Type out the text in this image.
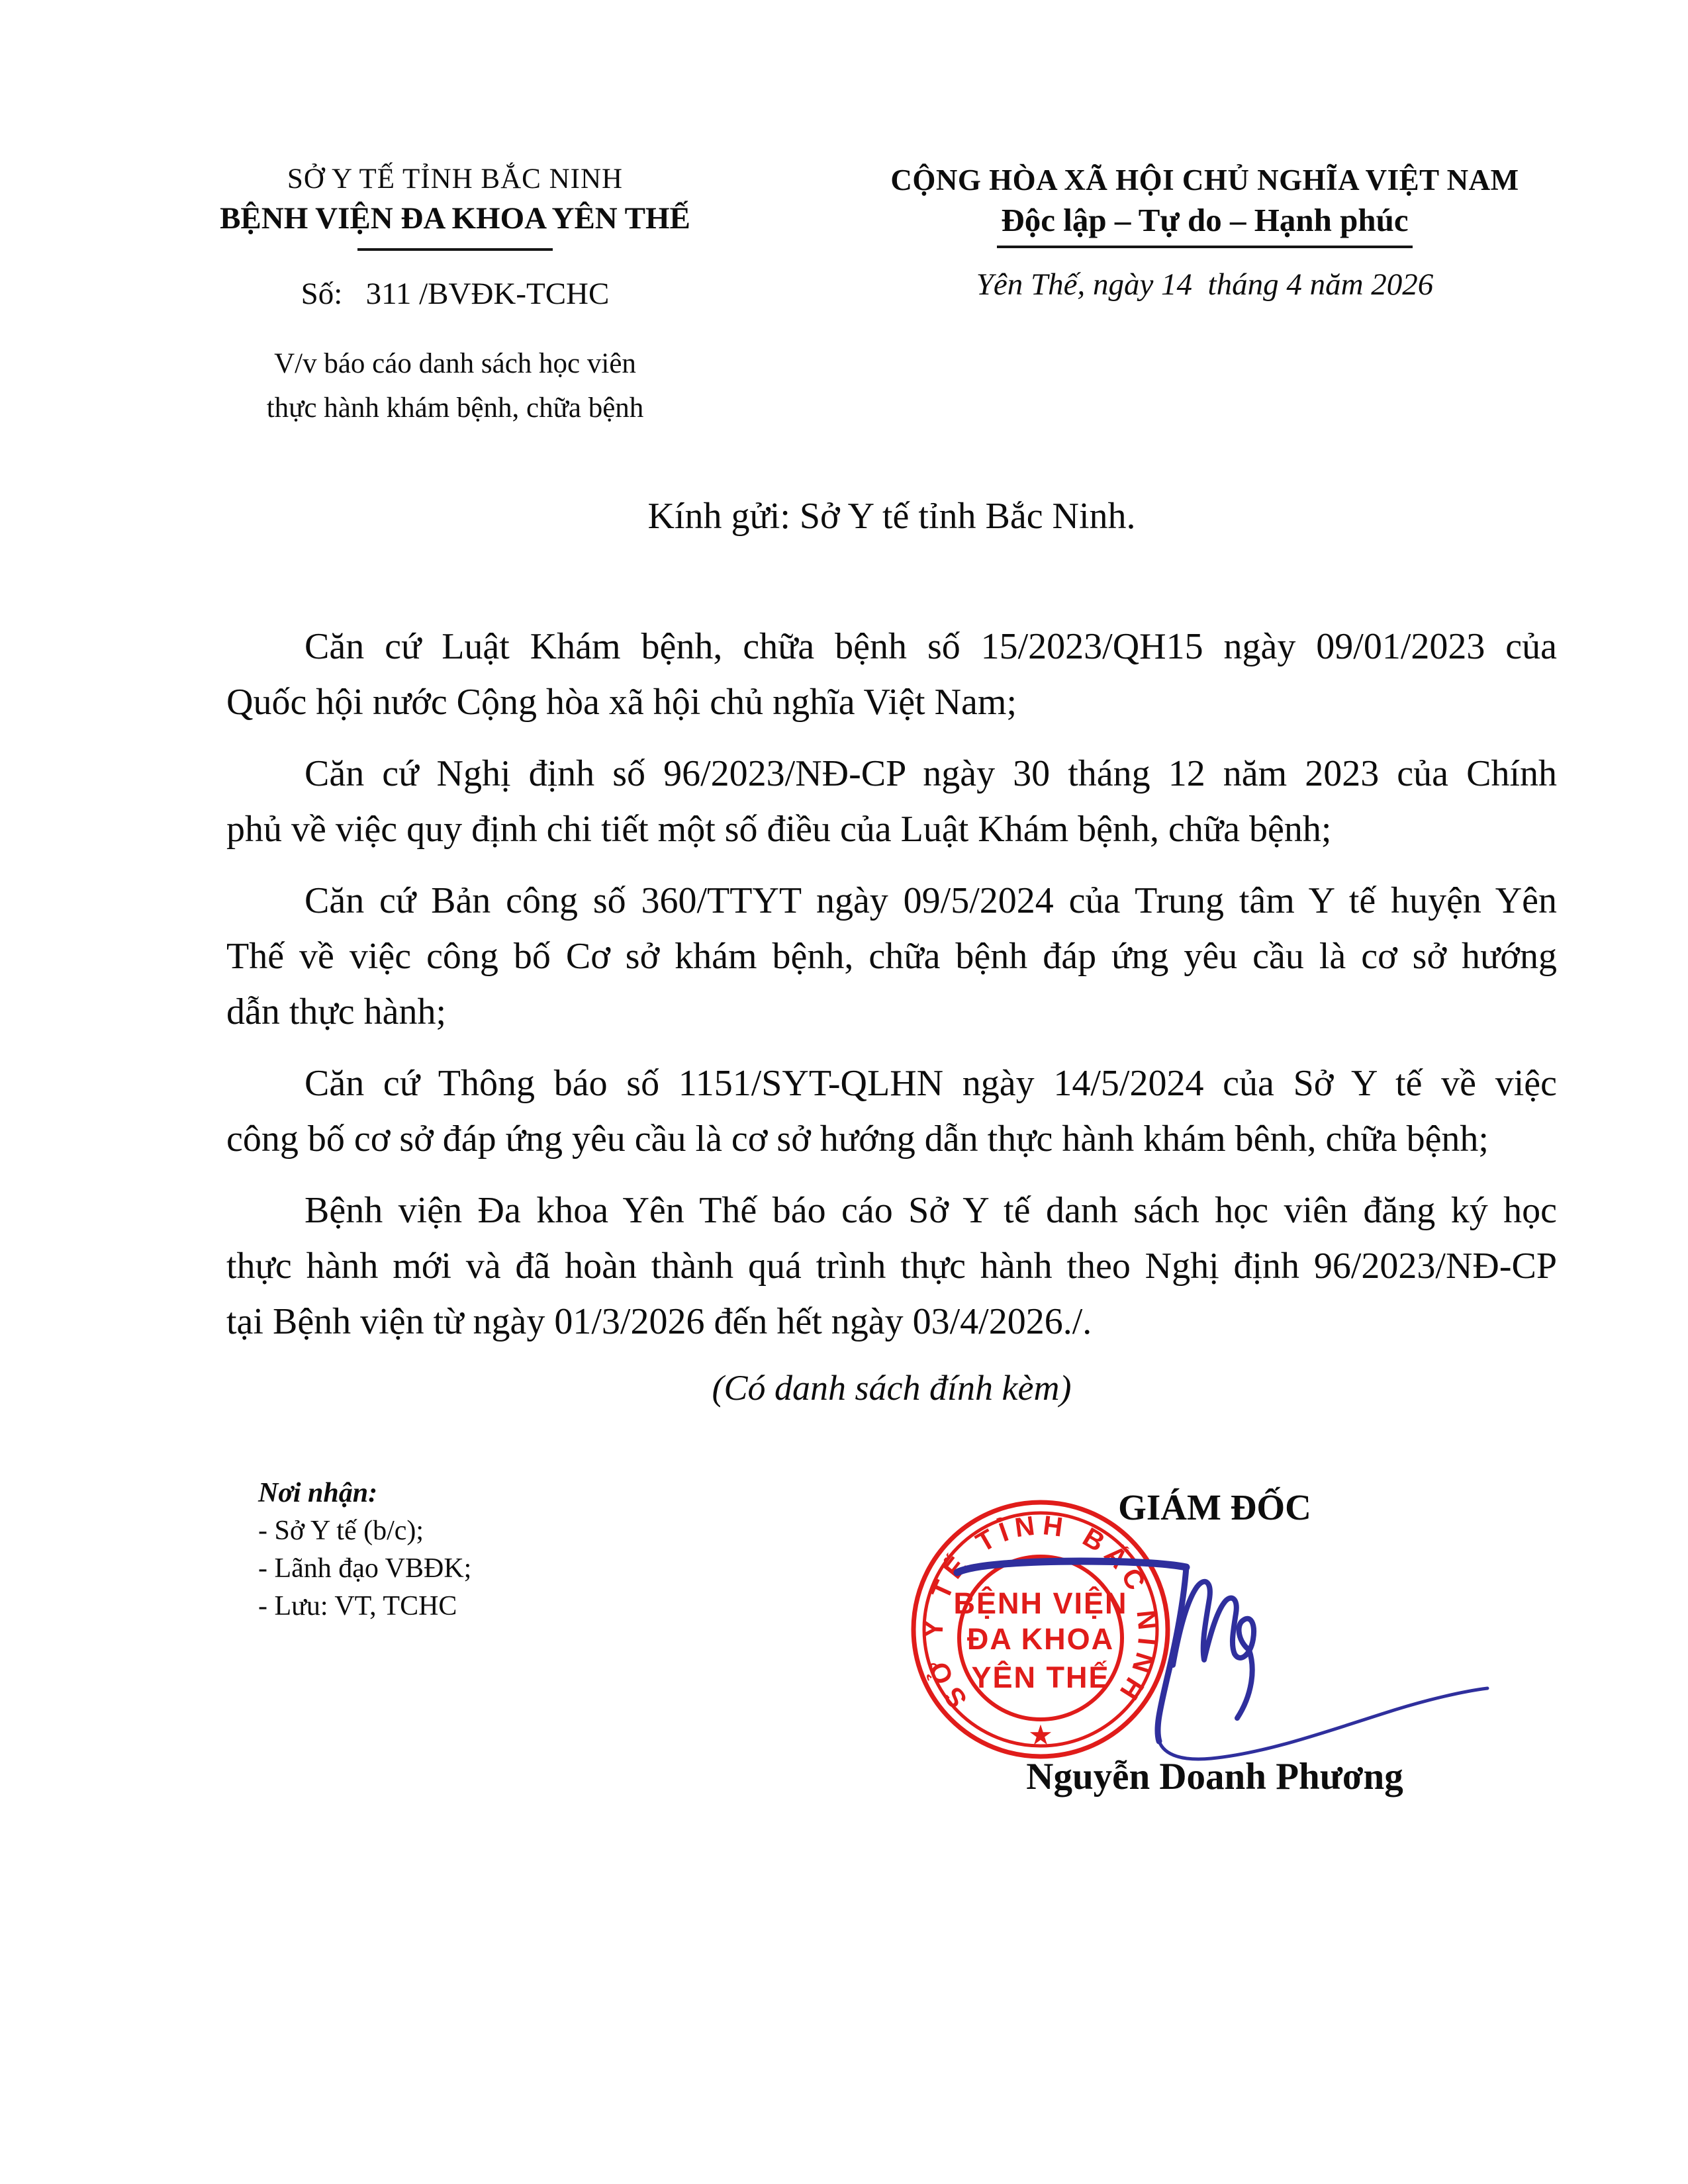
SỞ Y TẾ TỈNH BẮC NINH
BỆNH VIỆN ĐA KHOA YÊN THẾ
Số:   311 /BVĐK-TCHC
V/v báo cáo danh sách học viên
thực hành khám bệnh, chữa bệnh
CỘNG HÒA XÃ HỘI CHỦ NGHĨA VIỆT NAM
Độc lập – Tự do – Hạnh phúc
Yên Thế, ngày 14  tháng 4 năm 2026
Kính gửi: Sở Y tế tỉnh Bắc Ninh.
Căn cứ Luật Khám bệnh, chữa bệnh số 15/2023/QH15 ngày 09/01/2023 của
Quốc hội nước Cộng hòa xã hội chủ nghĩa Việt Nam;
Căn cứ Nghị định số 96/2023/NĐ-CP ngày 30 tháng 12 năm 2023 của Chính
phủ về việc quy định chi tiết một số điều của Luật Khám bệnh, chữa bệnh;
Căn cứ Bản công số 360/TTYT ngày 09/5/2024 của Trung tâm Y tế huyện Yên
Thế về việc công bố Cơ sở khám bệnh, chữa bệnh đáp ứng yêu cầu là cơ sở hướng
dẫn thực hành;
Căn cứ Thông báo số 1151/SYT-QLHN ngày 14/5/2024 của Sở Y tế về việc
công bố cơ sở đáp ứng yêu cầu là cơ sở hướng dẫn thực hành khám bênh, chữa bệnh;
Bệnh viện Đa khoa Yên Thế báo cáo Sở Y tế danh sách học viên đăng ký học
thực hành mới và đã hoàn thành quá trình thực hành theo Nghị định 96/2023/NĐ-CP
tại Bệnh viện từ ngày 01/3/2026 đến hết ngày 03/4/2026./.
(Có danh sách đính kèm)
Nơi nhận:
- Sở Y tế (b/c);
- Lãnh đạo VBĐK;
- Lưu: VT, TCHC
GIÁM ĐỐC
SỞ Y TẾ TỈNH BẮC NINH
BỆNH VIỆN
ĐA KHOA
YÊN THẾ
★
Nguyễn Doanh Phương
